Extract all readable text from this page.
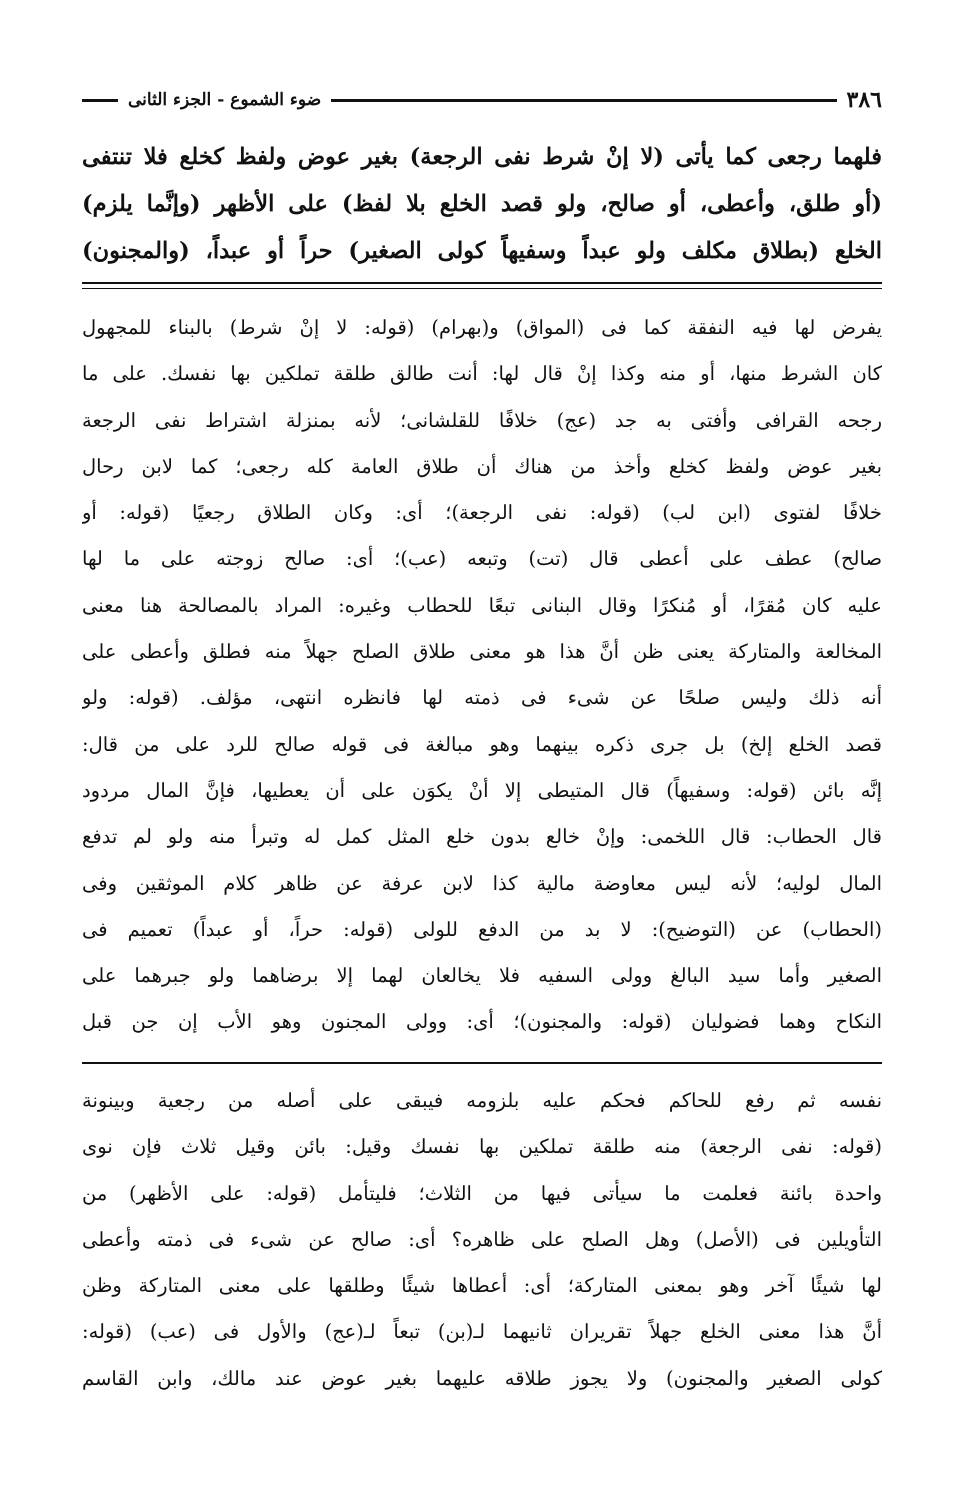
٣٨٦
ضوء الشموع - الجزء الثانى
فلهما رجعى كما يأتى (لا إنْ شرط نفى الرجعة) بغير عوض ولفظ كخلع فلا تنتفى
(أو طلق، وأعطى، أو صالح، ولو قصد الخلع بلا لفظ) على الأظهر (وإنَّما يلزم)
الخلع (بطلاق مكلف ولو عبداً وسفيهاً كولى الصغير) حراً أو عبداً، (والمجنون)
يفرض لها فيه النفقة كما فى (المواق) و(بهرام) (قوله: لا إنْ شرط) بالبناء للمجهول
كان الشرط منها، أو منه وكذا إنْ قال لها: أنت طالق طلقة تملكين بها نفسك. على ما
رجحه القرافى وأفتى به جد (عج) خلافًا للقلشانى؛ لأنه بمنزلة اشتراط نفى الرجعة
بغير عوض ولفظ كخلع وأخذ من هناك أن طلاق العامة كله رجعى؛ كما لابن رحال
خلافًا لفتوى (ابن لب) (قوله: نفى الرجعة)؛ أى: وكان الطلاق رجعيًا (قوله: أو
صالح) عطف على أعطى قال (تت) وتبعه (عب)؛ أى: صالح زوجته على ما لها
عليه كان مُقرًا، أو مُنكرًا وقال البنانى تبعًا للحطاب وغيره: المراد بالمصالحة هنا معنى
المخالعة والمتاركة يعنى ظن أنَّ هذا هو معنى طلاق الصلح جهلاً منه فطلق وأعطى على
أنه ذلك وليس صلحًا عن شىء فى ذمته لها فانظره انتهى، مؤلف. (قوله: ولو
قصد الخلع إلخ) بل جرى ذكره بينهما وهو مبالغة فى قوله صالح للرد على من قال:
إنَّه بائن (قوله: وسفيهاً) قال المتيطى إلا أنْ يكوَن على أن يعطيها، فإنَّ المال مردود
قال الحطاب: قال اللخمى: وإنْ خالع بدون خلع المثل كمل له وتبرأ منه ولو لم تدفع
المال لوليه؛ لأنه ليس معاوضة مالية كذا لابن عرفة عن ظاهر كلام الموثقين وفى
(الحطاب) عن (التوضيح): لا بد من الدفع للولى (قوله: حراً، أو عبداً) تعميم فى
الصغير وأما سيد البالغ وولى السفيه فلا يخالعان لهما إلا برضاهما ولو جبرهما على
النكاح وهما فضوليان (قوله: والمجنون)؛ أى: وولى المجنون وهو الأب إن جن قبل
نفسه ثم رفع للحاكم فحكم عليه بلزومه فيبقى على أصله من رجعية وبينونة
(قوله: نفى الرجعة) منه طلقة تملكين بها نفسك وقيل: بائن وقيل ثلاث فإن نوى
واحدة بائنة فعلمت ما سيأتى فيها من الثلاث؛ فليتأمل (قوله: على الأظهر) من
التأويلين فى (الأصل) وهل الصلح على ظاهره؟ أى: صالح عن شىء فى ذمته وأعطى
لها شيئًا آخر وهو بمعنى المتاركة؛ أى: أعطاها شيئًا وطلقها على معنى المتاركة وظن
أنَّ هذا معنى الخلع جهلاً تقريران ثانيهما لـ(بن) تبعاً لـ(عج) والأول فى (عب) (قوله:
كولى الصغير والمجنون) ولا يجوز طلاقه عليهما بغير عوض عند مالك، وابن القاسم
